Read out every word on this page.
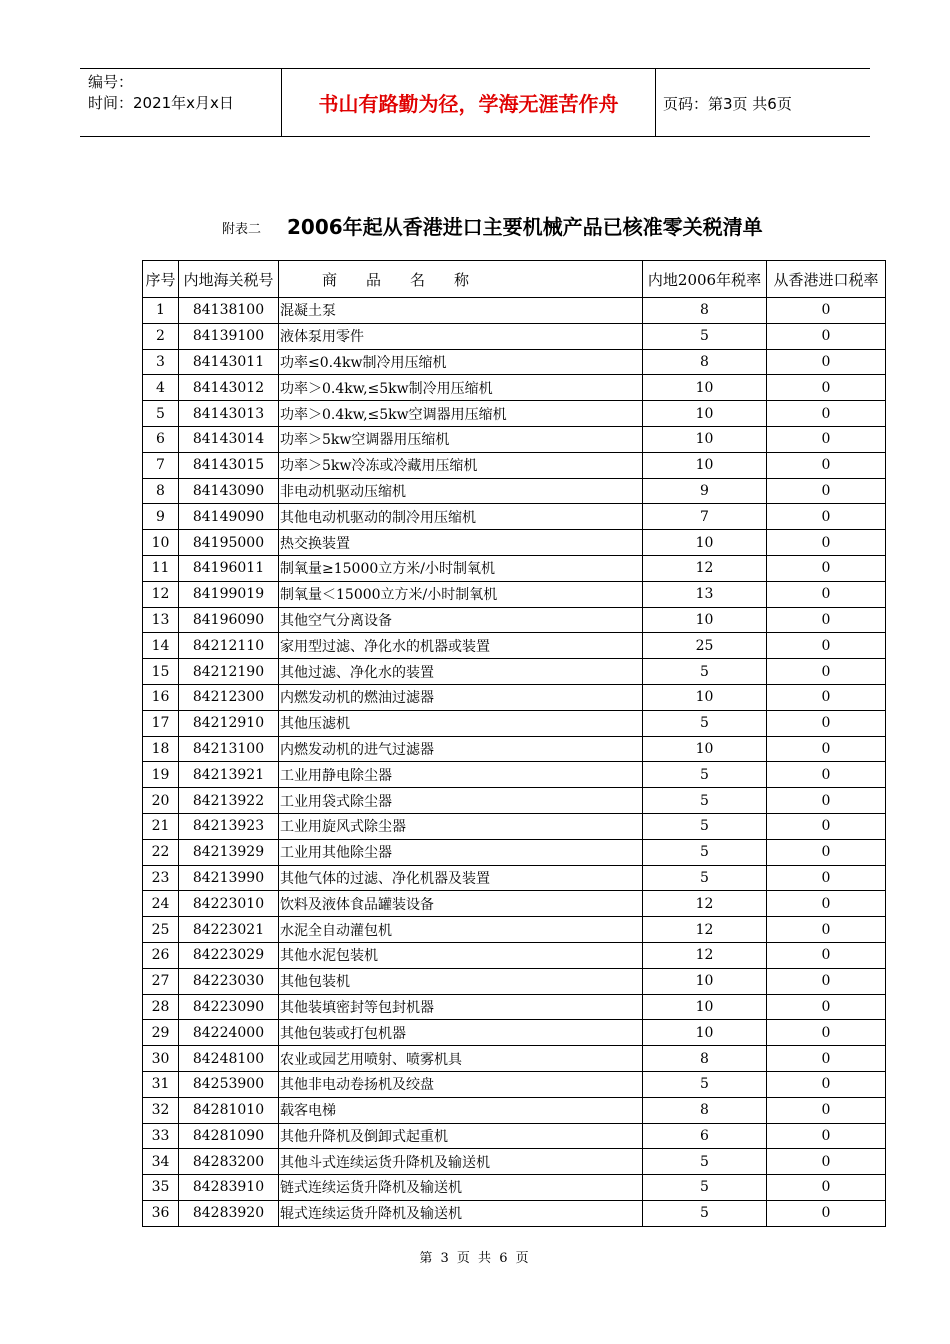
编号：
时间：2021年x月x日	书山有路勤为径，学海无涯苦作舟	页码：第3页 共6页
附表二 2006年起从香港进口主要机械产品已核准零关税清单
序号	内地海关税号	商品名称	内地2006年税率	从香港进口税率
1	84138100	混凝土泵	8	0
2	84139100	液体泵用零件	5	0
3	84143011	功率≤0.4kw制冷用压缩机	8	0
4	84143012	功率＞0.4kw,≤5kw制冷用压缩机	10	0
5	84143013	功率＞0.4kw,≤5kw空调器用压缩机	10	0
6	84143014	功率＞5kw空调器用压缩机	10	0
7	84143015	功率＞5kw冷冻或冷藏用压缩机	10	0
8	84143090	非电动机驱动压缩机	9	0
9	84149090	其他电动机驱动的制冷用压缩机	7	0
10	84195000	热交换装置	10	0
11	84196011	制氧量≥15000立方米/小时制氧机	12	0
12	84199019	制氧量＜15000立方米/小时制氧机	13	0
13	84196090	其他空气分离设备	10	0
14	84212110	家用型过滤、净化水的机器或装置	25	0
15	84212190	其他过滤、净化水的装置	5	0
16	84212300	内燃发动机的燃油过滤器	10	0
17	84212910	其他压滤机	5	0
18	84213100	内燃发动机的进气过滤器	10	0
19	84213921	工业用静电除尘器	5	0
20	84213922	工业用袋式除尘器	5	0
21	84213923	工业用旋风式除尘器	5	0
22	84213929	工业用其他除尘器	5	0
23	84213990	其他气体的过滤、净化机器及装置	5	0
24	84223010	饮料及液体食品罐装设备	12	0
25	84223021	水泥全自动灌包机	12	0
26	84223029	其他水泥包装机	12	0
27	84223030	其他包装机	10	0
28	84223090	其他装填密封等包封机器	10	0
29	84224000	其他包装或打包机器	10	0
30	84248100	农业或园艺用喷射、喷雾机具	8	0
31	84253900	其他非电动卷扬机及绞盘	5	0
32	84281010	载客电梯	8	0
33	84281090	其他升降机及倒卸式起重机	6	0
34	84283200	其他斗式连续运货升降机及输送机	5	0
35	84283910	链式连续运货升降机及输送机	5	0
36	84283920	辊式连续运货升降机及输送机	5	0
第 3 页 共 6 页
